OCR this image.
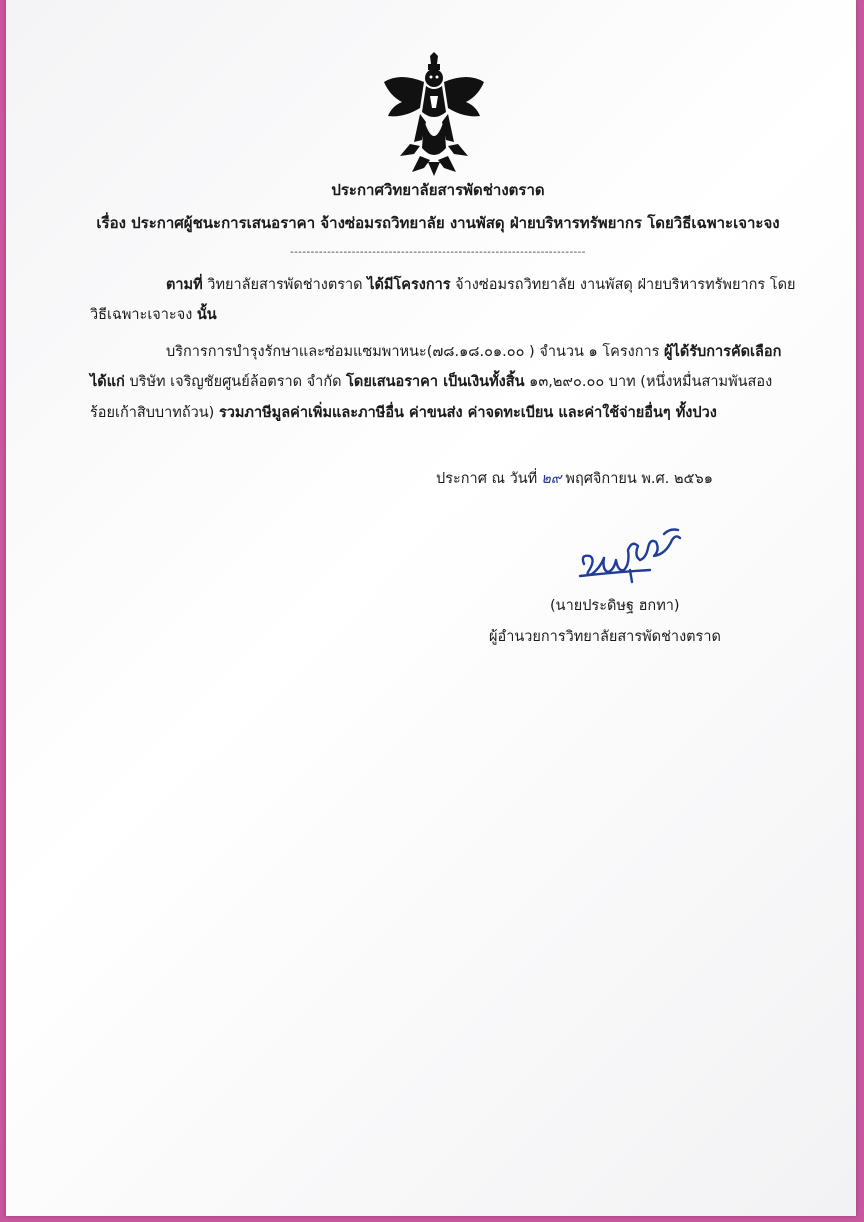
ประกาศวิทยาลัยสารพัดช่างตราด
เรื่อง ประกาศผู้ชนะการเสนอราคา จ้างซ่อมรถวิทยาลัย งานพัสดุ ฝ่ายบริหารทรัพยากร โดยวิธีเฉพาะเจาะจง
------------------------------------------------------------------------
ตามที่ วิทยาลัยสารพัดช่างตราด ได้มีโครงการ จ้างซ่อมรถวิทยาลัย งานพัสดุ ฝ่ายบริหารทรัพยากร โดย
วิธีเฉพาะเจาะจง นั้น
บริการการบำรุงรักษาและซ่อมแซมพาหนะ(๗๘.๑๘.๐๑.๐๐ ) จำนวน ๑ โครงการ ผู้ได้รับการคัดเลือก
ได้แก่ บริษัท เจริญชัยศูนย์ล้อตราด จำกัด โดยเสนอราคา เป็นเงินทั้งสิ้น ๑๓,๒๙๐.๐๐ บาท (หนึ่งหมื่นสามพันสอง
ร้อยเก้าสิบบาทถ้วน) รวมภาษีมูลค่าเพิ่มและภาษีอื่น ค่าขนส่ง ค่าจดทะเบียน และค่าใช้จ่ายอื่นๆ ทั้งปวง
ประกาศ ณ วันที่ ๒๙ พฤศจิกายน พ.ศ. ๒๕๖๑
(นายประดิษฐ ฮกทา)
ผู้อำนวยการวิทยาลัยสารพัดช่างตราด
